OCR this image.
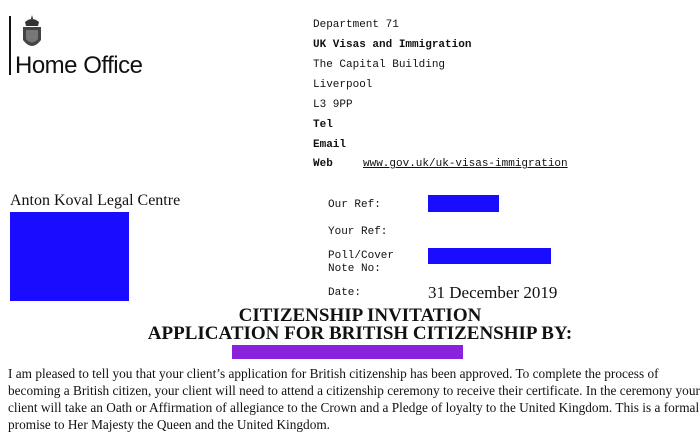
Home Office
Department 71
UK Visas and Immigration
The Capital Building
Liverpool
L3 9PP
Tel
Email
Web	www.gov.uk/uk-visas-immigration
Anton Koval Legal Centre	Our Ref:
Your Ref:
Poll/Cover
Note No:
Date:	31 December 2019
CITIZENSHIP INVITATION
APPLICATION FOR BRITISH CITIZENSHIP BY:
I am pleased to tell you that your client’s application for British citizenship has been approved. To complete the process of becoming a British citizen, your client will need to attend a citizenship ceremony to receive their certificate. In the ceremony your client will take an Oath or Affirmation of allegiance to the Crown and a Pledge of loyalty to the United Kingdom. This is a formal promise to Her Majesty the Queen and the United Kingdom.
